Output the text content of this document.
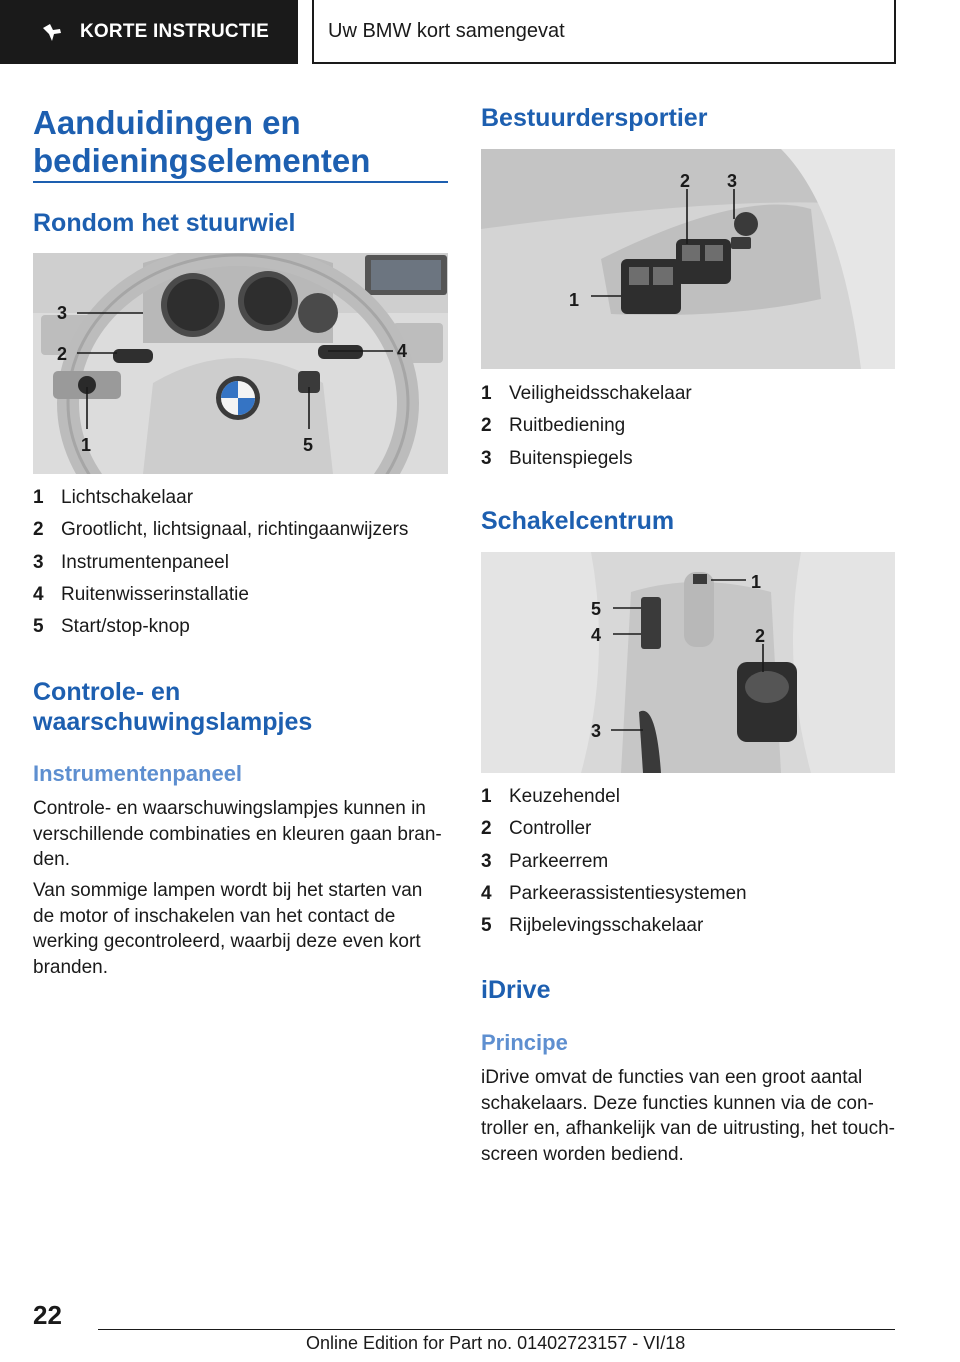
KORTE INSTRUCTIE	Uw BMW kort samengevat
Aanduidingen en
bedieningselementen
Rondom het stuurwiel
3
2
1
4
5
1 Lichtschakelaar
2 Grootlicht, lichtsignaal, richtingaanwijzers
3 Instrumentenpaneel
4 Ruitenwisserinstallatie
5 Start/stop-knop
Controle- en
waarschuwingslampjes
Instrumentenpaneel
Controle- en waarschuwingslampjes kunnen in
verschillende combinaties en kleuren gaan bran‐
den.
Van sommige lampen wordt bij het starten van
de motor of inschakelen van het contact de
werking gecontroleerd, waarbij deze even kort
branden.
Bestuurdersportier
1
2 3
1 Veiligheidsschakelaar
2 Ruitbediening
3 Buitenspiegels
Schakelcentrum
1
5
4	2
3
1 Keuzehendel
2 Controller
3 Parkeerrem
4 Parkeerassistentiesystemen
5 Rijbelevingsschakelaar
iDrive
Principe
iDrive omvat de functies van een groot aantal
schakelaars. Deze functies kunnen via de con‐
troller en, afhankelijk van de uitrusting, het touch‐
screen worden bediend.
22
Online Edition for Part no. 01402723157 - VI/18
